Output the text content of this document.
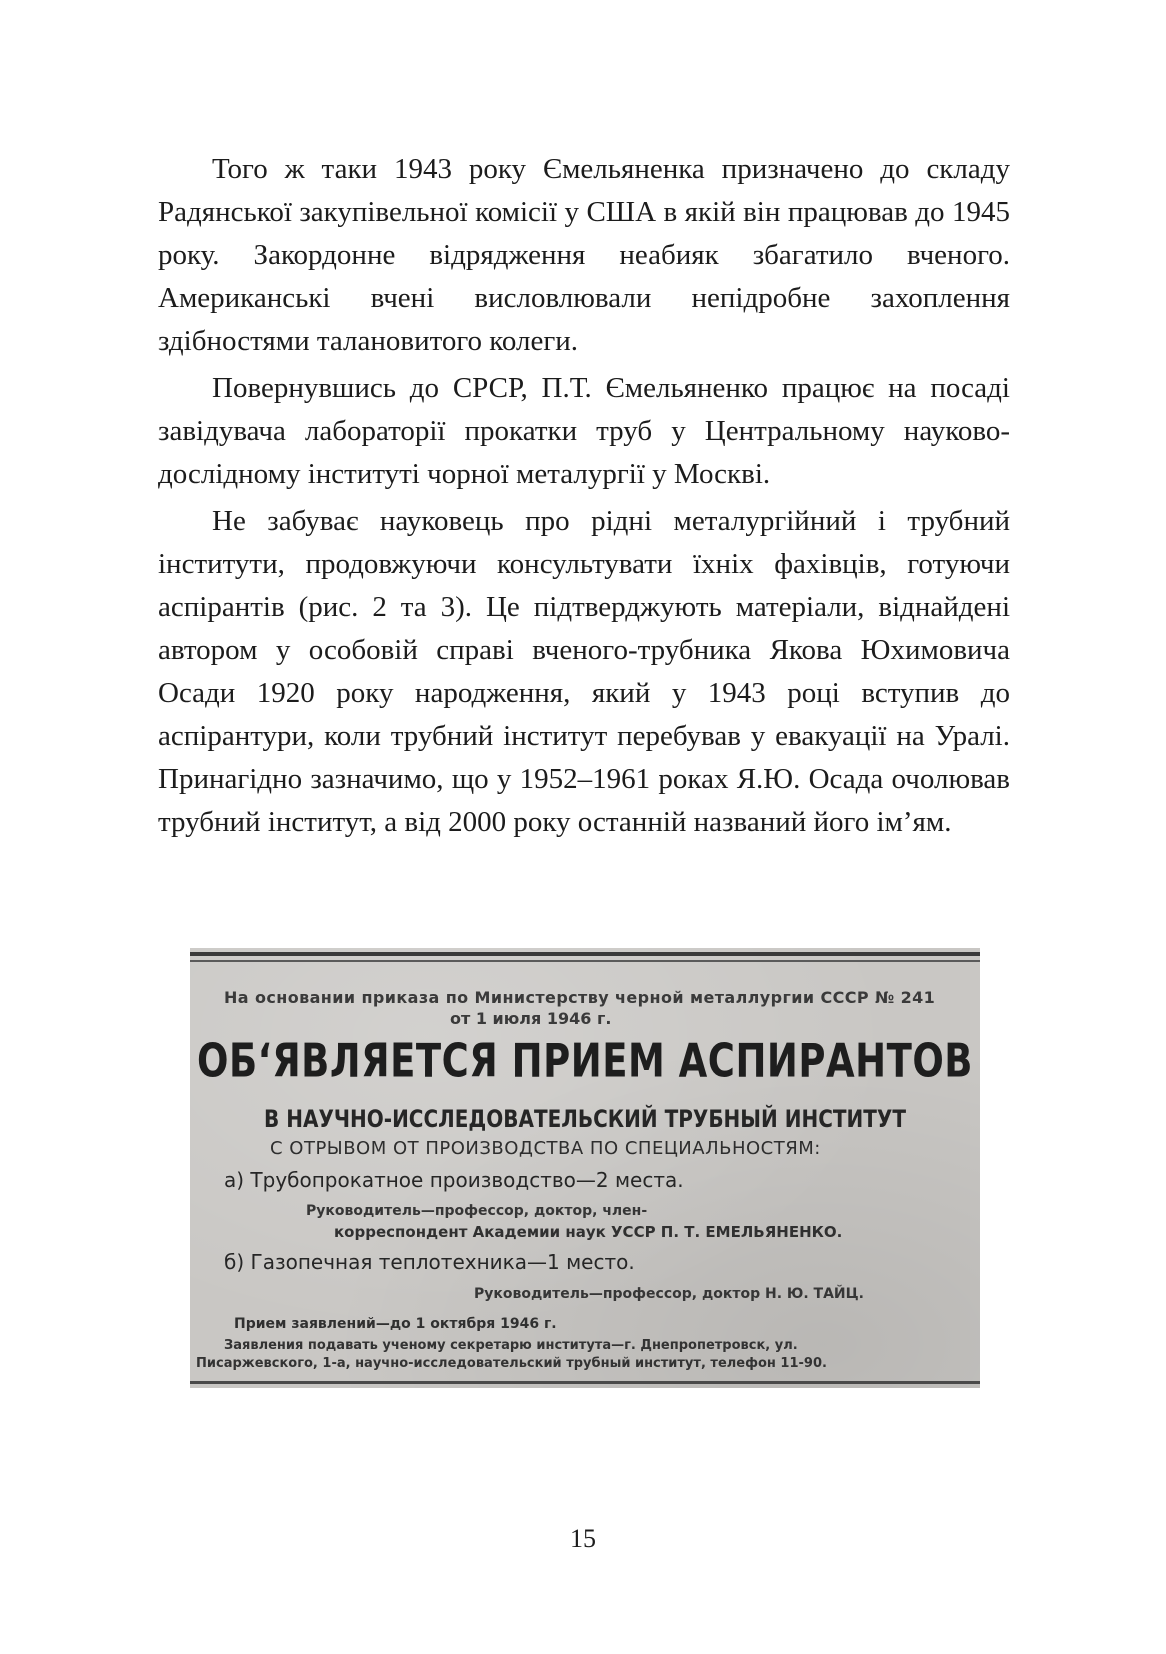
Того ж таки 1943 року Ємельяненка призначено до складу Радянської закупівельної комісії у США в якій він працював до 1945 року. Закордонне відрядження неабияк збагатило вченого. Американські вчені висловлювали непідробне захоплення здібностями талановитого колеги.

Повернувшись до СРСР, П.Т. Ємельяненко працює на посаді завідувача лабораторії прокатки труб у Центральному науково-дослідному інституті чорної металургії у Москві.

Не забуває науковець про рідні металургійний і трубний інститути, продовжуючи консультувати їхніх фахівців, готуючи аспірантів (рис. 2 та 3). Це підтверджують матеріали, віднайдені автором у особовій справі вченого-трубника Якова Юхимовича Осади 1920 року народження, який у 1943 році вступив до аспірантури, коли трубний інститут перебував у евакуації на Уралі. Принагідно зазначимо, що у 1952–1961 роках Я.Ю. Осада очолював трубний інститут, а від 2000 року останній названий його ім’ям.

На основании приказа по Министерству черной металлургии СССР № 241
от 1 июля 1946 г.
ОБ‘ЯВЛЯЕТСЯ ПРИЕМ АСПИРАНТОВ
В НАУЧНО-ИССЛЕДОВАТЕЛЬСКИЙ ТРУБНЫЙ ИНСТИТУТ
С ОТРЫВОМ ОТ ПРОИЗВОДСТВА ПО СПЕЦИАЛЬНОСТЯМ:
а) Трубопрокатное производство—2 места.
Руководитель—профессор, доктор, член-
корреспондент Академии наук УССР П. Т. ЕМЕЛЬЯНЕНКО.
б) Газопечная теплотехника—1 место.
Руководитель—профессор, доктор Н. Ю. ТАЙЦ.
Прием заявлений—до 1 октября 1946 г.
Заявления подавать ученому секретарю института—г. Днепропетровск, ул.
Писаржевского, 1-а, научно-исследовательский трубный институт, телефон 11-90.
15
